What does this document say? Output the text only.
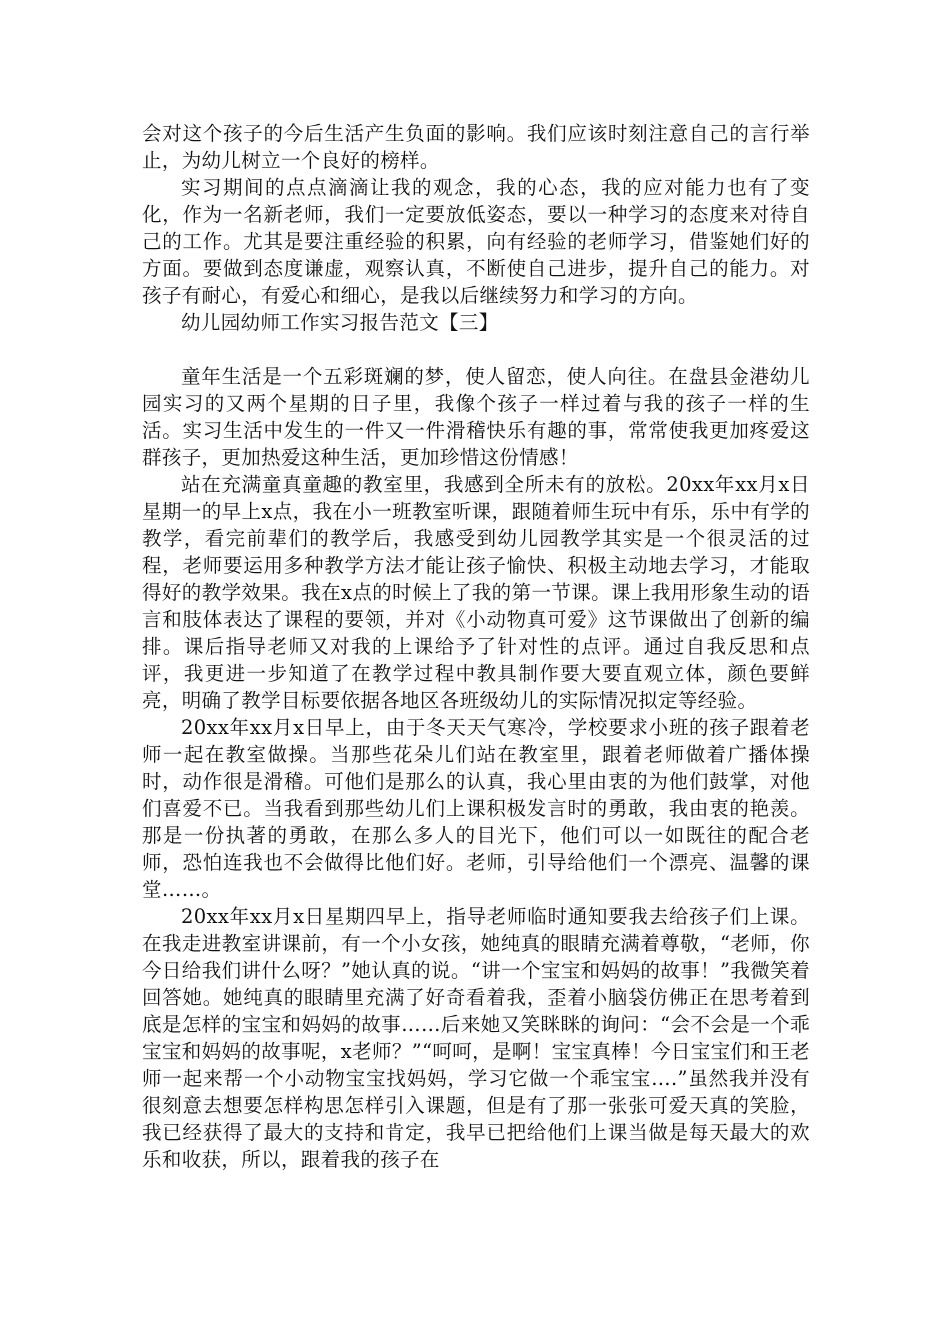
会对这个孩子的今后生活产生负面的影响。我们应该时刻注意自己的言行举止，为幼儿树立一个良好的榜样。

实习期间的点点滴滴让我的观念，我的心态，我的应对能力也有了变化，作为一名新老师，我们一定要放低姿态，要以一种学习的态度来对待自己的工作。尤其是要注重经验的积累，向有经验的老师学习，借鉴她们好的方面。要做到态度谦虚，观察认真，不断使自己进步，提升自己的能力。对孩子有耐心，有爱心和细心，是我以后继续努力和学习的方向。

幼儿园幼师工作实习报告范文【三】

童年生活是一个五彩斑斓的梦，使人留恋，使人向往。在盘县金港幼儿园实习的又两个星期的日子里，我像个孩子一样过着与我的孩子一样的生活。实习生活中发生的一件又一件滑稽快乐有趣的事，常常使我更加疼爱这群孩子，更加热爱这种生活，更加珍惜这份情感！

站在充满童真童趣的教室里，我感到全所未有的放松。20xx年xx月x日星期一的早上x点，我在小一班教室听课，跟随着师生玩中有乐，乐中有学的教学，看完前辈们的教学后，我感受到幼儿园教学其实是一个很灵活的过程，老师要运用多种教学方法才能让孩子愉快、积极主动地去学习，才能取得好的教学效果。我在x点的时候上了我的第一节课。课上我用形象生动的语言和肢体表达了课程的要领，并对《小动物真可爱》这节课做出了创新的编排。课后指导老师又对我的上课给予了针对性的点评。通过自我反思和点评，我更进一步知道了在教学过程中教具制作要大要直观立体，颜色要鲜亮，明确了教学目标要依据各地区各班级幼儿的实际情况拟定等经验。

20xx年xx月x日早上，由于冬天天气寒冷，学校要求小班的孩子跟着老师一起在教室做操。当那些花朵儿们站在教室里，跟着老师做着广播体操时，动作很是滑稽。可他们是那么的认真，我心里由衷的为他们鼓掌，对他们喜爱不已。当我看到那些幼儿们上课积极发言时的勇敢，我由衷的艳羡。那是一份执著的勇敢，在那么多人的目光下，他们可以一如既往的配合老师，恐怕连我也不会做得比他们好。老师，引导给他们一个漂亮、温馨的课堂……。

20xx年xx月x日星期四早上，指导老师临时通知要我去给孩子们上课。在我走进教室讲课前，有一个小女孩，她纯真的眼睛充满着尊敬，“老师，你今日给我们讲什么呀？”她认真的说。“讲一个宝宝和妈妈的故事！”我微笑着回答她。她纯真的眼睛里充满了好奇看着我，歪着小脑袋仿佛正在思考着到底是怎样的宝宝和妈妈的故事……后来她又笑眯眯的询问：“会不会是一个乖宝宝和妈妈的故事呢，x老师？”“呵呵，是啊！宝宝真棒！今日宝宝们和王老师一起来帮一个小动物宝宝找妈妈，学习它做一个乖宝宝….”虽然我并没有很刻意去想要怎样构思怎样引入课题，但是有了那一张张可爱天真的笑脸，我已经获得了最大的支持和肯定，我早已把给他们上课当做是每天最大的欢乐和收获，所以，跟着我的孩子在
